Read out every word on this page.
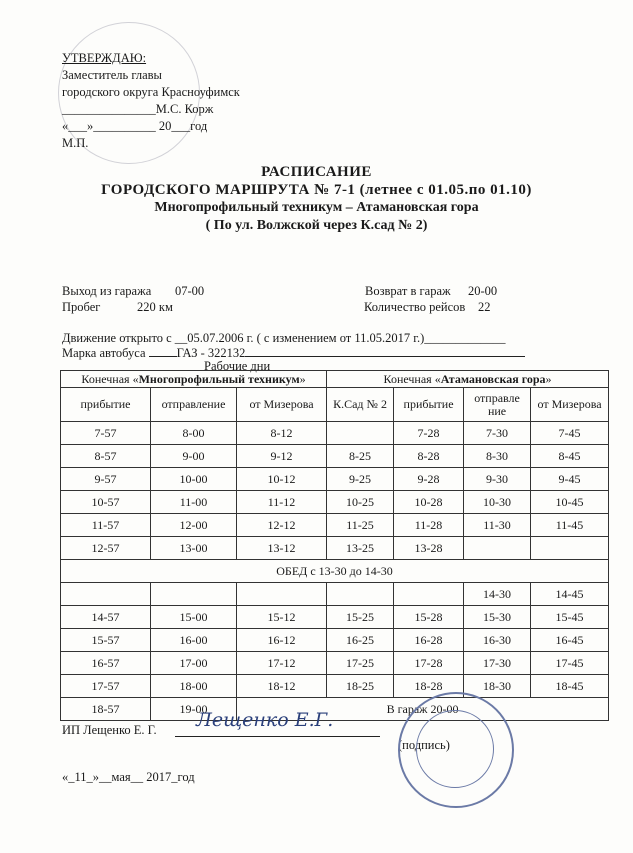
УТВЕРЖДАЮ:
Заместитель главы
городского округа Красноуфимск
_______________М.С. Корж
«___»__________ 20___год
М.П.
РАСПИСАНИЕ
ГОРОДСКОГО МАРШРУТА № 7-1 (летнее с 01.05.по 01.10)
Многопрофильный техникум – Атамановская гора
( По ул. Волжской через К.сад № 2)
Выход из гаража 07-00	Возврат в гараж 20-00
Пробег	220 км	Количество рейсов 22
Движение открыто с __05.07.2006 г. ( с изменением от 11.05.2017 г.)_____________
Марка автобуса ГАЗ - 322132
Рабочие дни
Конечная «Многопрофильный техникум»			Конечная «Атамановская гора»			
прибытие	отправление	от Мизерова	К.Сад № 2	прибытие	отправле ние	от Мизерова
7-57	8-00	8-12		7-28	7-30	7-45
8-57	9-00	9-12	8-25	8-28	8-30	8-45
9-57	10-00	10-12	9-25	9-28	9-30	9-45
10-57	11-00	11-12	10-25	10-28	10-30	10-45
11-57	12-00	12-12	11-25	11-28	11-30	11-45
12-57	13-00	13-12	13-25	13-28		
ОБЕД с 13-30 до 14-30						
					14-30	14-45
14-57	15-00	15-12	15-25	15-28	15-30	15-45
15-57	16-00	16-12	16-25	16-28	16-30	16-45
16-57	17-00	17-12	17-25	17-28	17-30	17-45
17-57	18-00	18-12	18-25	18-28	18-30	18-45
18-57	19-00	В гараж 20-00				
ИП Лещенко Е. Г. Лещенко Е.Г.
(подпись)
«_11_»__мая__ 2017_год
